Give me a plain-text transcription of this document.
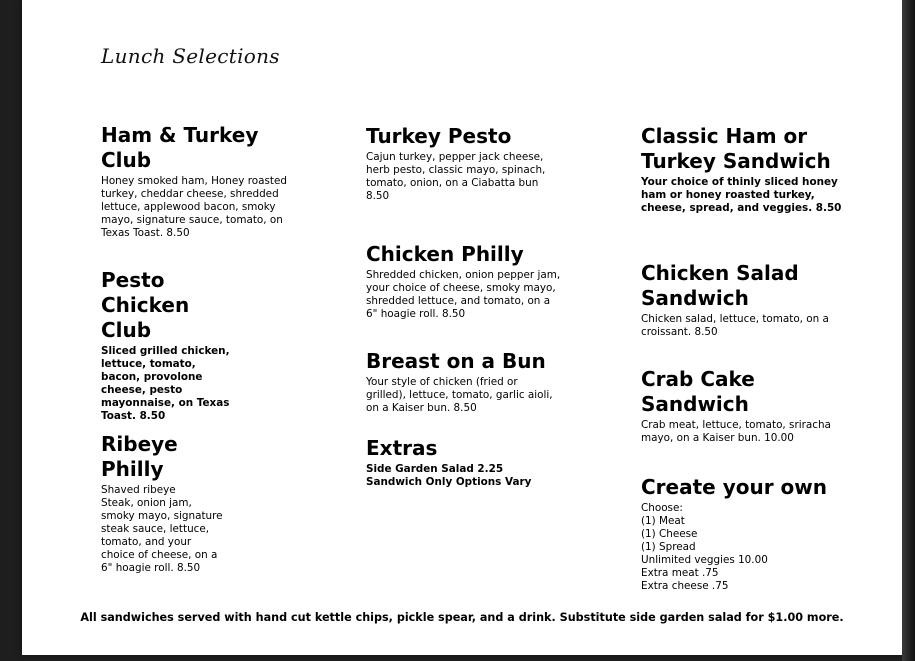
Lunch Selections
Ham & Turkey
Club

Honey smoked ham, Honey roasted
turkey, cheddar cheese, shredded
lettuce, applewood bacon, smoky
mayo, signature sauce, tomato, on
Texas Toast. 8.50

Pesto
Chicken
Club

Sliced grilled chicken,
lettuce, tomato,
bacon, provolone
cheese, pesto
mayonnaise, on Texas
Toast. 8.50

Ribeye
Philly

Shaved ribeye
Steak, onion jam,
smoky mayo, signature
steak sauce, lettuce,
tomato, and your
choice of cheese, on a
6" hoagie roll. 8.50

Turkey Pesto

Cajun turkey, pepper jack cheese,
herb pesto, classic mayo, spinach,
tomato, onion, on a Ciabatta bun
8.50

Chicken Philly

Shredded chicken, onion pepper jam,
your choice of cheese, smoky mayo,
shredded lettuce, and tomato, on a
6" hoagie roll. 8.50

Breast on a Bun

Your style of chicken (fried or
grilled), lettuce, tomato, garlic aioli,
on a Kaiser bun. 8.50

Extras

Side Garden Salad 2.25
Sandwich Only Options Vary

Classic Ham or
Turkey Sandwich

Your choice of thinly sliced honey
ham or honey roasted turkey,
cheese, spread, and veggies. 8.50

Chicken Salad
Sandwich

Chicken salad, lettuce, tomato, on a
croissant. 8.50

Crab Cake
Sandwich

Crab meat, lettuce, tomato, sriracha
mayo, on a Kaiser bun. 10.00

Create your own

Choose:
(1) Meat
(1) Cheese
(1) Spread
Unlimited veggies 10.00
Extra meat .75
Extra cheese .75

All sandwiches served with hand cut kettle chips, pickle spear, and a drink. Substitute side garden salad for $1.00 more.
